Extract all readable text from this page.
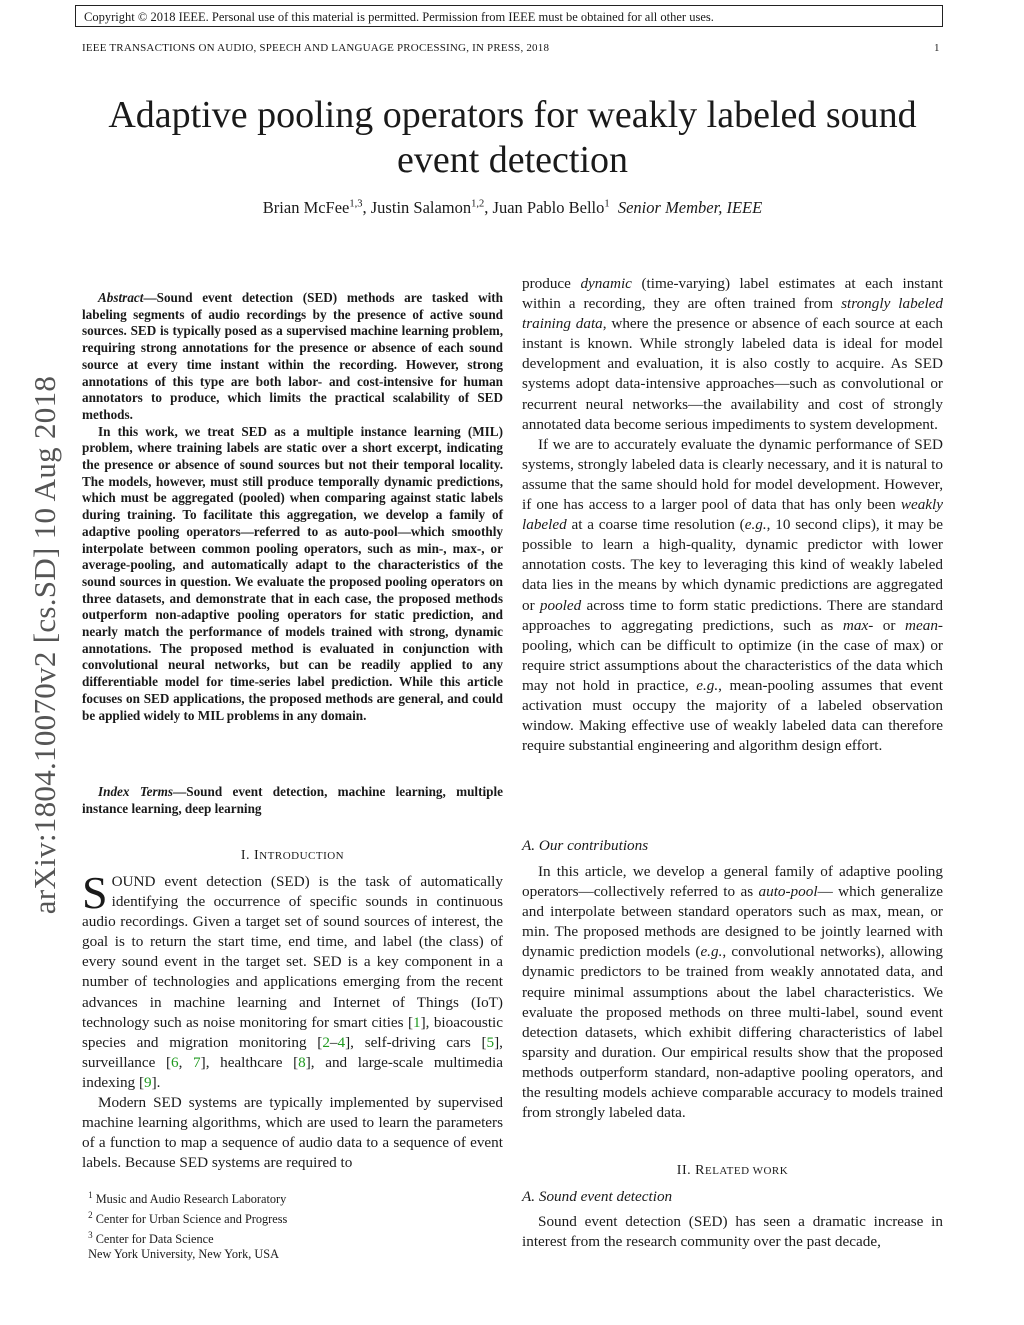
Copyright © 2018 IEEE. Personal use of this material is permitted. Permission from IEEE must be obtained for all other uses.
IEEE TRANSACTIONS ON AUDIO, SPEECH AND LANGUAGE PROCESSING, IN PRESS, 2018	1
Adaptive pooling operators for weakly labeled sound event detection
Brian McFee$^{1,3}$, Justin Salamon$^{1,2}$, Juan Pablo Bello$^1$ Senior Member, IEEE
arXiv:1804.10070v2 [cs.SD] 10 Aug 2018

Abstract—Sound event detection (SED) methods are tasked with labeling segments of audio recordings by the presence of active sound sources. SED is typically posed as a supervised machine learning problem, requiring strong annotations for the presence or absence of each sound source at every time instant within the recording. However, strong annotations of this type are both labor- and cost-intensive for human annotators to produce, which limits the practical scalability of SED methods.

In this work, we treat SED as a multiple instance learning (MIL) problem, where training labels are static over a short excerpt, indicating the presence or absence of sound sources but not their temporal locality. The models, however, must still produce temporally dynamic predictions, which must be aggregated (pooled) when comparing against static labels during training. To facilitate this aggregation, we develop a family of adaptive pooling operators—referred to as auto-pool—which smoothly interpolate between common pooling operators, such as min-, max-, or average-pooling, and automatically adapt to the characteristics of the sound sources in question. We evaluate the proposed pooling operators on three datasets, and demonstrate that in each case, the proposed methods outperform non-adaptive pooling operators for static prediction, and nearly match the performance of models trained with strong, dynamic annotations. The proposed method is evaluated in conjunction with convolutional neural networks, but can be readily applied to any differentiable model for time-series label prediction. While this article focuses on SED applications, the proposed methods are general, and could be applied widely to MIL problems in any domain.

Index Terms—Sound event detection, machine learning, multiple instance learning, deep learning
I. INTRODUCTION

SOUND event detection (SED) is the task of automatically identifying the occurrence of specific sounds in continuous audio recordings. Given a target set of sound sources of interest, the goal is to return the start time, end time, and label (the class) of every sound event in the target set. SED is a key component in a number of technologies and applications emerging from the recent advances in machine learning and Internet of Things (IoT) technology such as noise monitoring for smart cities [1], bioacoustic species and migration monitoring [2–4], self-driving cars [5], surveillance [6, 7], healthcare [8], and large-scale multimedia indexing [9].

Modern SED systems are typically implemented by supervised machine learning algorithms, which are used to learn the parameters of a function to map a sequence of audio data to a sequence of event labels. Because SED systems are required to

$^1$ Music and Audio Research Laboratory
$^2$ Center for Urban Science and Progress
$^3$ Center for Data Science
New York University, New York, USA

produce dynamic (time-varying) label estimates at each instant within a recording, they are often trained from strongly labeled training data, where the presence or absence of each source at each instant is known. While strongly labeled data is ideal for model development and evaluation, it is also costly to acquire. As SED systems adopt data-intensive approaches—such as convolutional or recurrent neural networks—the availability and cost of strongly annotated data become serious impediments to system development.

If we are to accurately evaluate the dynamic performance of SED systems, strongly labeled data is clearly necessary, and it is natural to assume that the same should hold for model development. However, if one has access to a larger pool of data that has only been weakly labeled at a coarse time resolution (e.g., 10 second clips), it may be possible to learn a high-quality, dynamic predictor with lower annotation costs. The key to leveraging this kind of weakly labeled data lies in the means by which dynamic predictions are aggregated or pooled across time to form static predictions. There are standard approaches to aggregating predictions, such as max- or mean-pooling, which can be difficult to optimize (in the case of max) or require strict assumptions about the characteristics of the data which may not hold in practice, e.g., mean-pooling assumes that event activation must occupy the majority of a labeled observation window. Making effective use of weakly labeled data can therefore require substantial engineering and algorithm design effort.

A. Our contributions

In this article, we develop a general family of adaptive pooling operators—collectively referred to as auto-pool— which generalize and interpolate between standard operators such as max, mean, or min. The proposed methods are designed to be jointly learned with dynamic prediction models (e.g., convolutional networks), allowing dynamic predictors to be trained from weakly annotated data, and require minimal assumptions about the label characteristics. We evaluate the proposed methods on three multi-label, sound event detection datasets, which exhibit differing characteristics of label sparsity and duration. Our empirical results show that the proposed methods outperform standard, non-adaptive pooling operators, and the resulting models achieve comparable accuracy to models trained from strongly labeled data.

II. RELATED WORK
A. Sound event detection

Sound event detection (SED) has seen a dramatic increase in interest from the research community over the past decade,
